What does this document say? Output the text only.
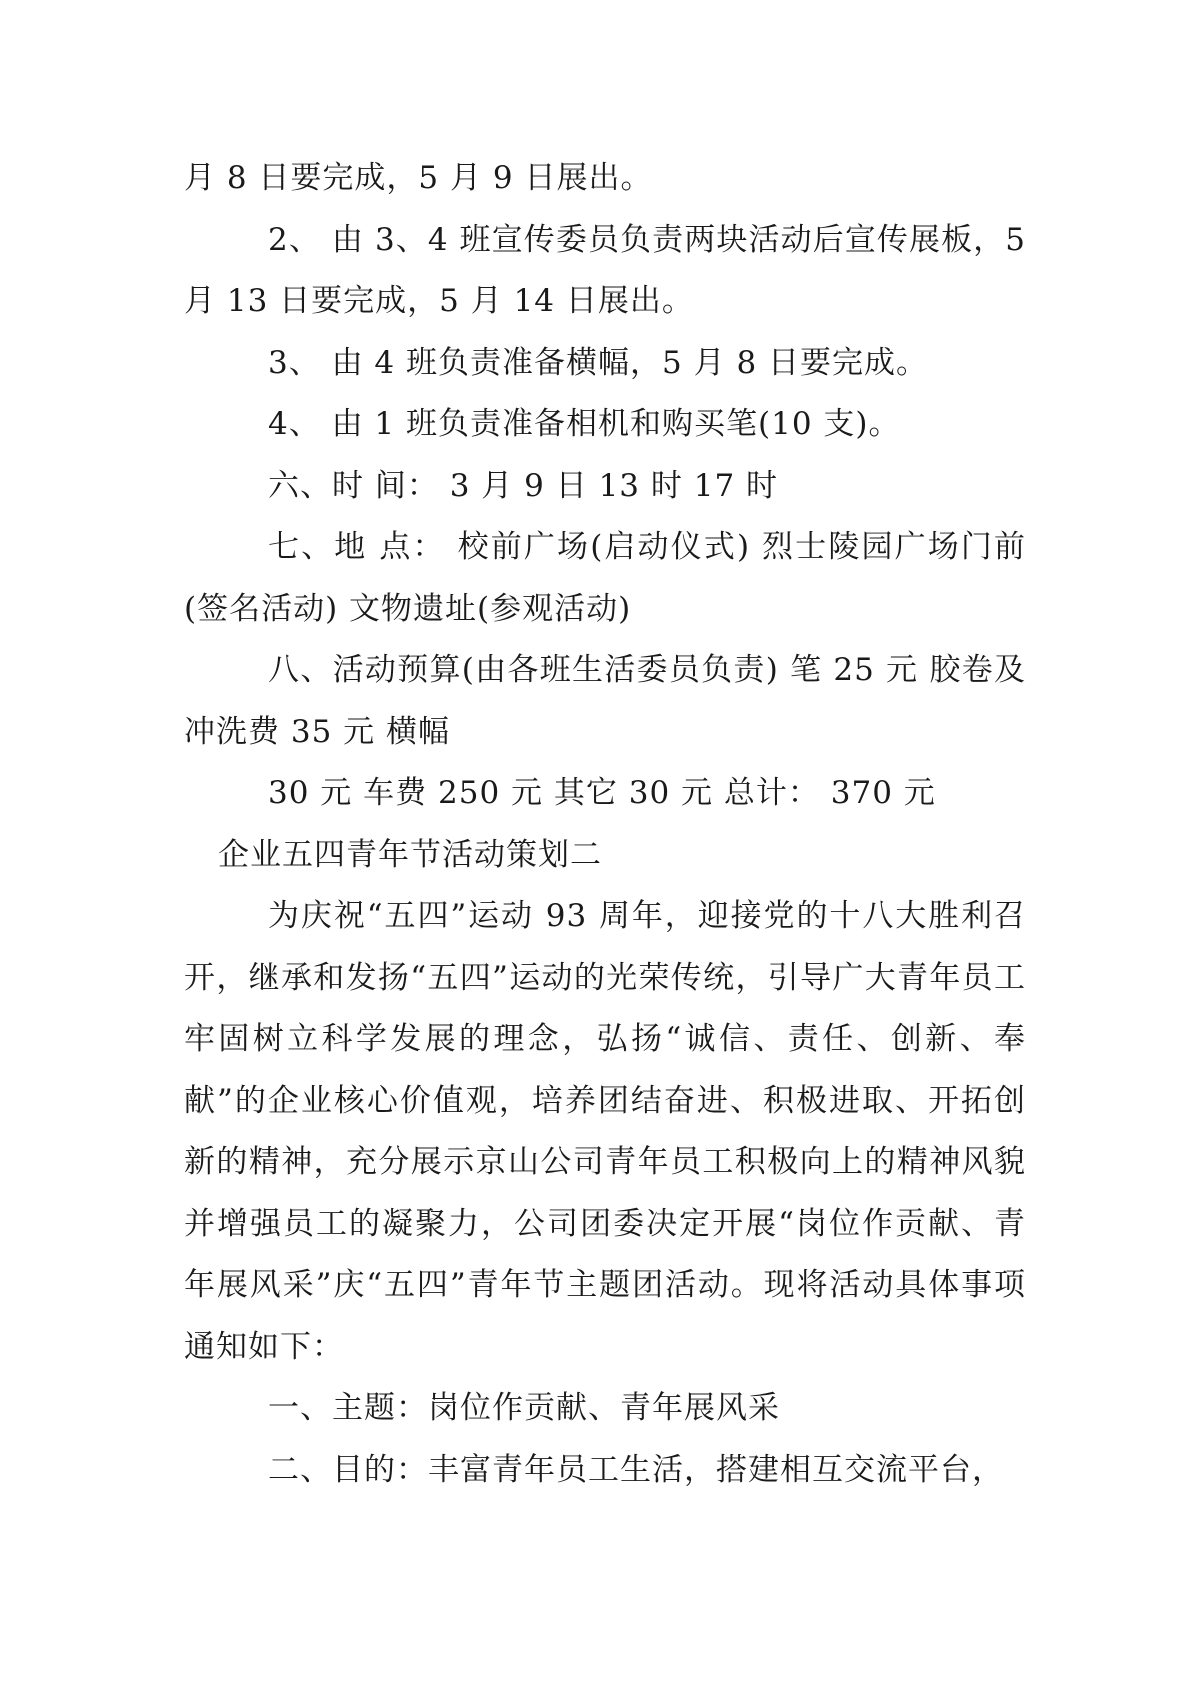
月 8 日要完成，5 月 9 日展出。

2、 由 3、4 班宣传委员负责两块活动后宣传展板，5 月 13 日要完成，5 月 14 日展出。

3、 由 4 班负责准备横幅，5 月 8 日要完成。

4、 由 1 班负责准备相机和购买笔(10 支)。

六、时 间： 3 月 9 日 13 时 17 时

七、地 点： 校前广场(启动仪式) 烈士陵园广场门前(签名活动) 文物遗址(参观活动)

八、活动预算(由各班生活委员负责) 笔 25 元 胶卷及冲洗费 35 元 横幅

30 元 车费 250 元 其它 30 元 总计： 370 元

企业五四青年节活动策划二

为庆祝“五四”运动 93 周年，迎接党的十八大胜利召开，继承和发扬“五四”运动的光荣传统，引导广大青年员工牢固树立科学发展的理念，弘扬“诚信、责任、创新、奉献”的企业核心价值观，培养团结奋进、积极进取、开拓创新的精神，充分展示京山公司青年员工积极向上的精神风貌并增强员工的凝聚力，公司团委决定开展“岗位作贡献、青年展风采”庆“五四”青年节主题团活动。现将活动具体事项通知如下：

一、主题：岗位作贡献、青年展风采

二、目的：丰富青年员工生活，搭建相互交流平台，
